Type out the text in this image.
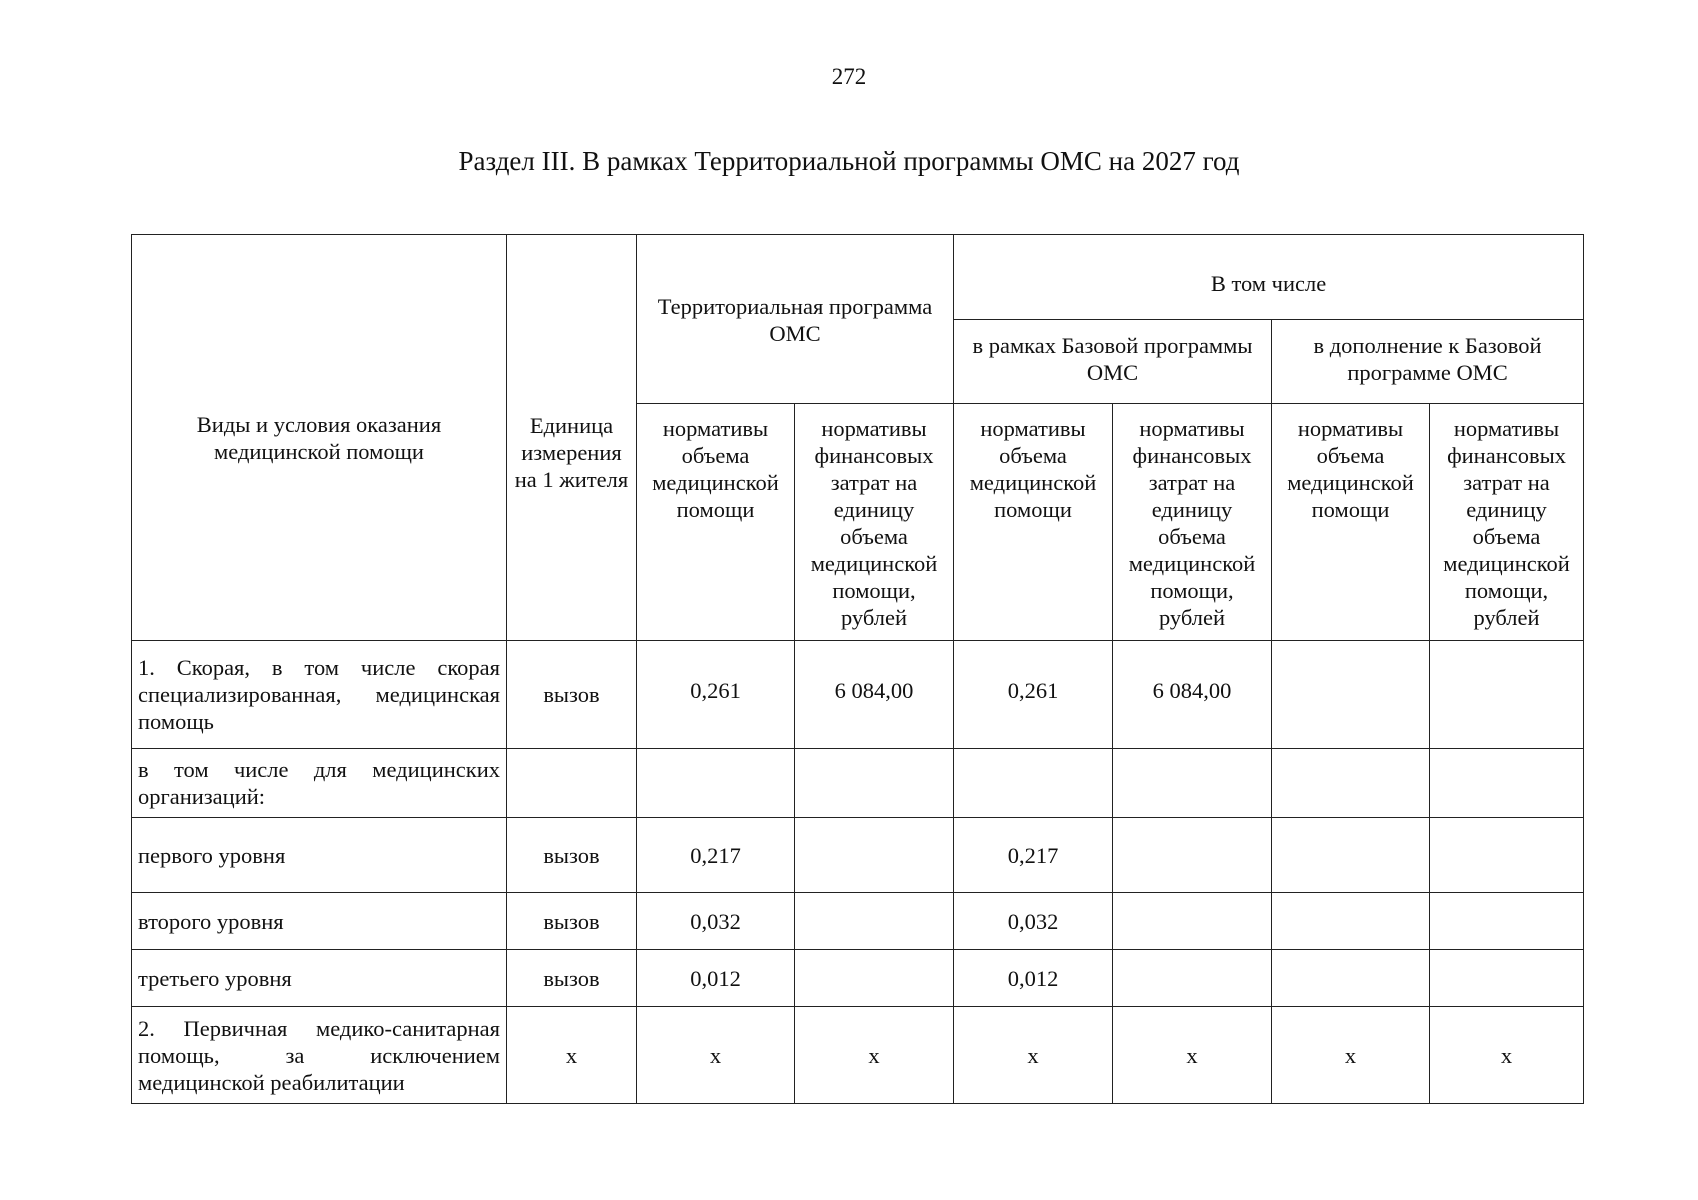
272
Раздел III. В рамках Территориальной программы ОМС на 2027 год
Виды и условия оказания медицинской помощи	Единица измерения на 1 жителя	Территориальная программа ОМС		В том числе			
				в рамках Базовой программы ОМС		в дополнение к Базовой программе ОМС	
		нормативы объема медицинской помощи	нормативы финансовых затрат на единицу объема медицинской помощи, рублей	нормативы объема медицинской помощи	нормативы финансовых затрат на единицу объема медицинской помощи, рублей	нормативы объема медицинской помощи	нормативы финансовых затрат на единицу объема медицинской помощи, рублей
1. Скорая, в том числе скорая специализированная, медицинская помощь	вызов	0,261	6 084,00	0,261	6 084,00		
в том числе для медицинских организаций:							
первого уровня	вызов	0,217		0,217			
второго уровня	вызов	0,032		0,032			
третьего уровня	вызов	0,012		0,012			
2. Первичная медико-санитарная помощь, за исключением медицинской реабилитации	х	х	х	х	х	х	х
